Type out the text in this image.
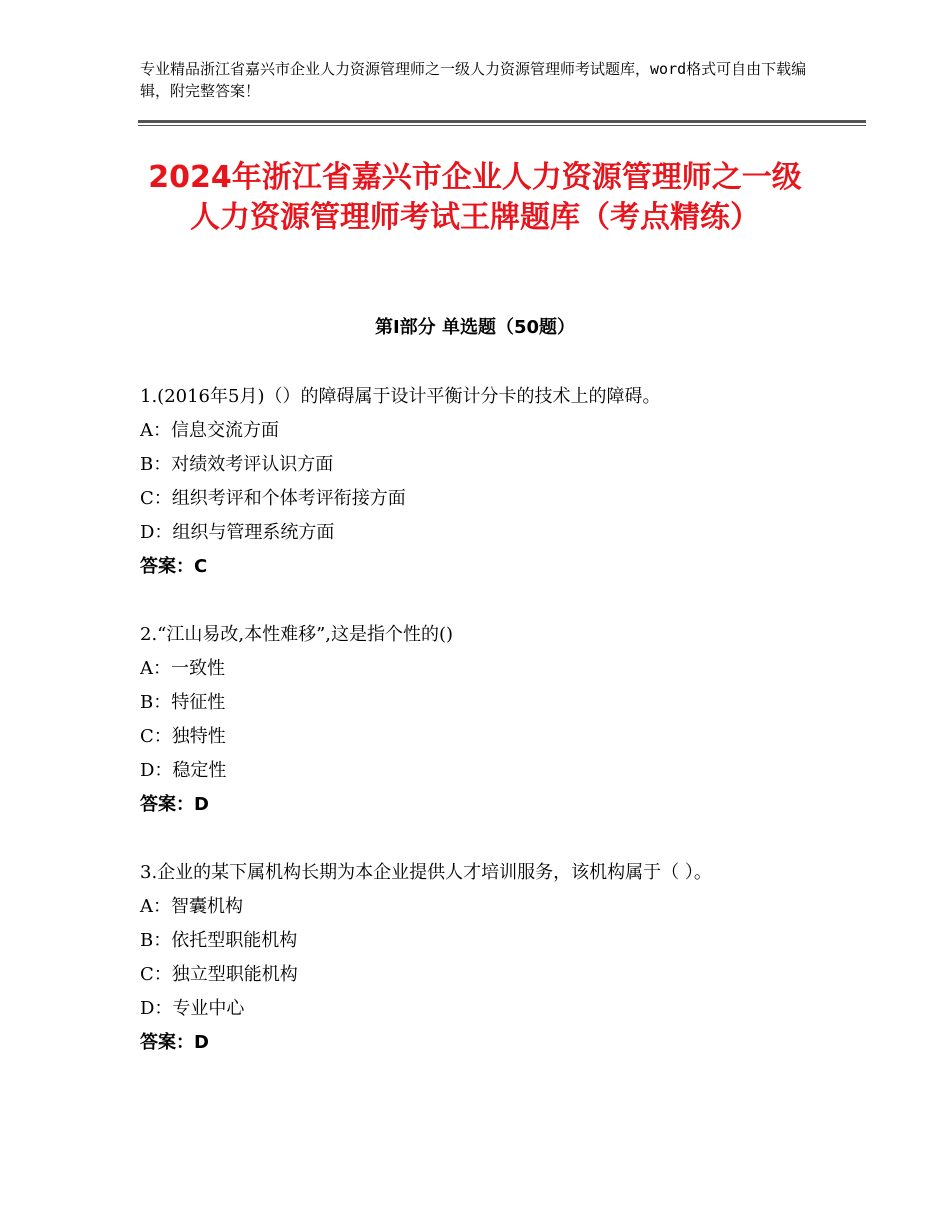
专业精品浙江省嘉兴市企业人力资源管理师之一级人力资源管理师考试题库，word格式可自由下载编辑，附完整答案！
2024年浙江省嘉兴市企业人力资源管理师之一级人力资源管理师考试王牌题库（考点精练）
第Ⅰ部分 单选题（50题）

1.(2016年5月)（）的障碍属于设计平衡计分卡的技术上的障碍。

A：信息交流方面

B：对绩效考评认识方面

C：组织考评和个体考评衔接方面

D：组织与管理系统方面

答案：C

2.“江山易改,本性难移”,这是指个性的()

A：一致性

B：特征性

C：独特性

D：稳定性

答案：D

3.企业的某下属机构长期为本企业提供人才培训服务，该机构属于（ ）。

A：智囊机构

B：依托型职能机构

C：独立型职能机构

D：专业中心

答案：D
